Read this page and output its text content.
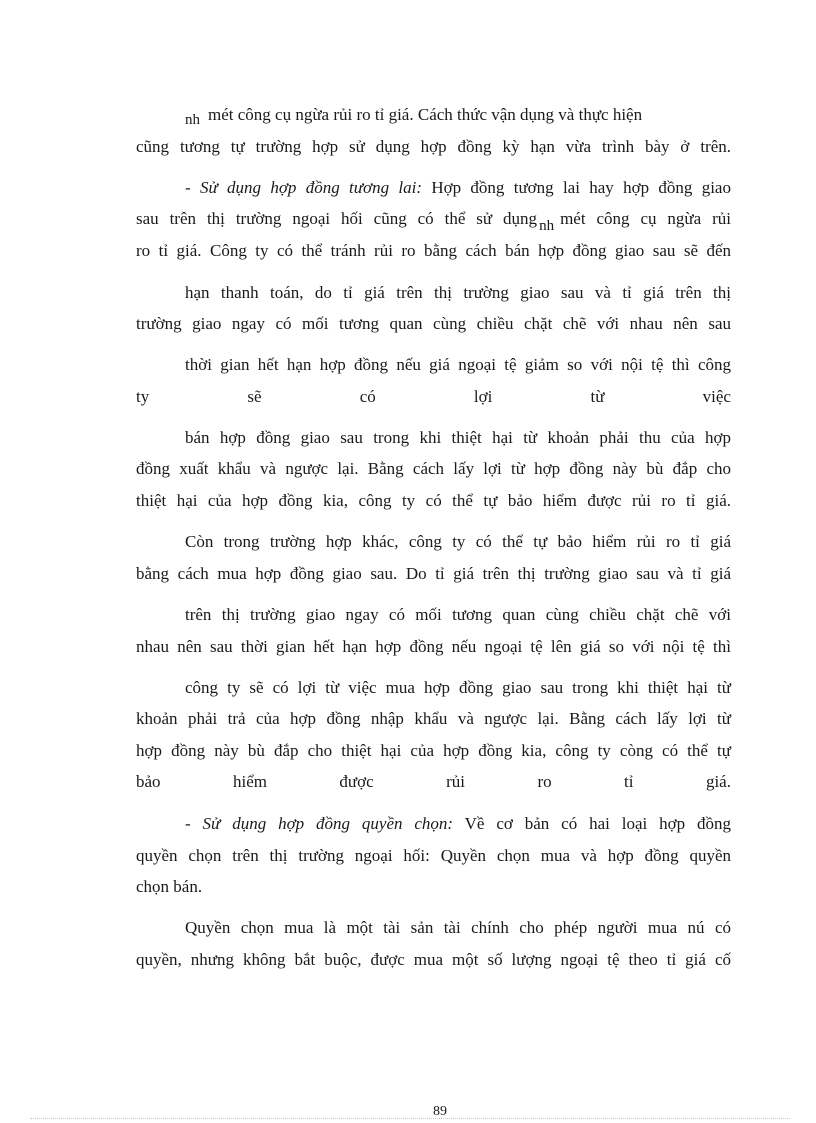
nh mét công cụ ngừa rủi ro tỉ giá. Cách thức vận dụng và thực hiện
cũng tương tự trường hợp sử dụng hợp đồng kỳ hạn vừa trình bày ở trên.
- Sử dụng hợp đồng tương lai: Hợp đồng tương lai hay hợp đồng giao
sau trên thị trường ngoại hối cũng có thể sử dụng nh mét công cụ ngừa rủi
ro tỉ giá. Công ty có thể tránh rủi ro bằng cách bán hợp đồng giao sau sẽ đến
hạn thanh toán, do tỉ giá trên thị trường giao sau và tỉ giá trên thị
trường giao ngay có mối tương quan cùng chiều chặt chẽ với nhau nên sau
thời gian hết hạn hợp đồng nếu giá ngoại tệ giảm so với nội tệ thì công
ty	sẽ	có	lợi	từ	việc
bán hợp đồng giao sau trong khi thiệt hại từ khoản phải thu của hợp
đồng xuất khẩu và ngược lại. Bằng cách lấy lợi từ hợp đồng này bù đắp cho
thiệt hại của hợp đồng kia, công ty có thể tự bảo hiểm được rủi ro tỉ giá.
Còn trong trường hợp khác, công ty có thể tự bảo hiểm rủi ro tỉ giá
bằng cách mua hợp đồng giao sau. Do tỉ giá trên thị trường giao sau và tỉ giá
trên thị trường giao ngay có mối tương quan cùng chiều chặt chẽ với
nhau nên sau thời gian hết hạn hợp đồng nếu ngoại tệ lên giá so với nội tệ thì
công ty sẽ có lợi từ việc mua hợp đồng giao sau trong khi thiệt hại từ
khoản phải trả của hợp đồng nhập khẩu và ngược lại. Bằng cách lấy lợi từ
hợp đồng này bù đắp cho thiệt hại của hợp đồng kia, công ty còng có thể tự
bảo	hiểm	được	rủi	ro	tỉ	giá.
- Sử dụng hợp đồng quyền chọn: Về cơ bản có hai loại hợp đồng
quyền chọn trên thị trường ngoại hối: Quyền chọn mua và hợp đồng quyền
chọn bán.
Quyền chọn mua là một tài sản tài chính cho phép người mua nú có
quyền, nhưng không bắt buộc, được mua một số lượng ngoại tệ theo tỉ giá cố
89
